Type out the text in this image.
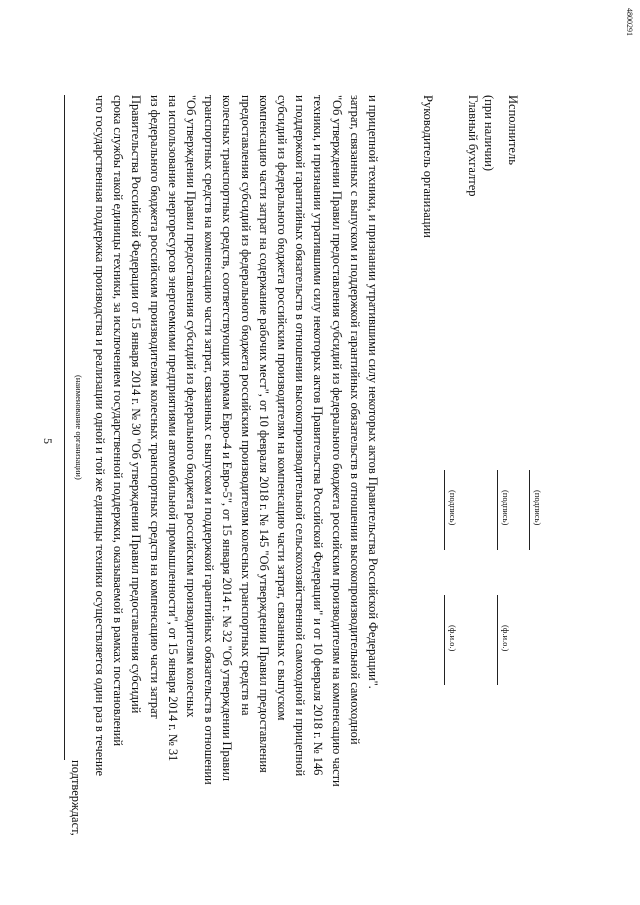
5
подтверждаст,
(наименование организации) что государственная поддержка производства и реализации одной и той же единицы техники осуществляется один раз в течение срока службы такой единицы техники, за исключением государственной поддержки, оказываемой в рамках постановлений Правительства Российской Федерации от 15 января 2014 г. № 30 "Об утверждении Правил предоставления субсидий из федерального бюджета российским производителям колесных транспортных средств на компенсацию части затрат на использование энергоресурсов энергоемкими предприятиями автомобильной промышленности", от 15 января 2014 г. № 31 "Об утверждении Правил предоставления субсидий из федерального бюджета российским производителям колесных транспортных средств на компенсацию части затрат, связанных с выпуском и поддержкой гарантийных обязательств в отношении колесных транспортных средств, соответствующих нормам Евро-4 и Евро-5", от 15 января 2014 г. № 32 "Об утверждении Правил предоставления субсидий из федерального бюджета российским производителям колесных транспортных средств на компенсацию части затрат на содержание рабочих мест", от 10 февраля 2018 г. № 145 "Об утверждении Правил предоставления субсидий из федерального бюджета российским производителям на компенсацию части затрат, связанных с выпуском и поддержкой гарантийных обязательств в отношении высокопроизводительной сельскохозяйственной самоходной и прицепной техники, и признании утратившими силу некоторых актов Правительства Российской Федерации" и от 10 февраля 2018 г. № 146 "Об утверждении Правил предоставления субсидий из федерального бюджета российским производителям на компенсацию части затрат, связанных с выпуском и поддержкой гарантийных обязательств в отношении высокопроизводительной самоходной и прицепной техники, и признании утратившими силу некоторых актов Правительства Российской Федерации".	Руководитель организации
(подпись)
(ф.и.о.)
Главный бухгалтер (при наличии)
(подпись)
(ф.и.о.)
Исполнитель
(подпись)
4800291
